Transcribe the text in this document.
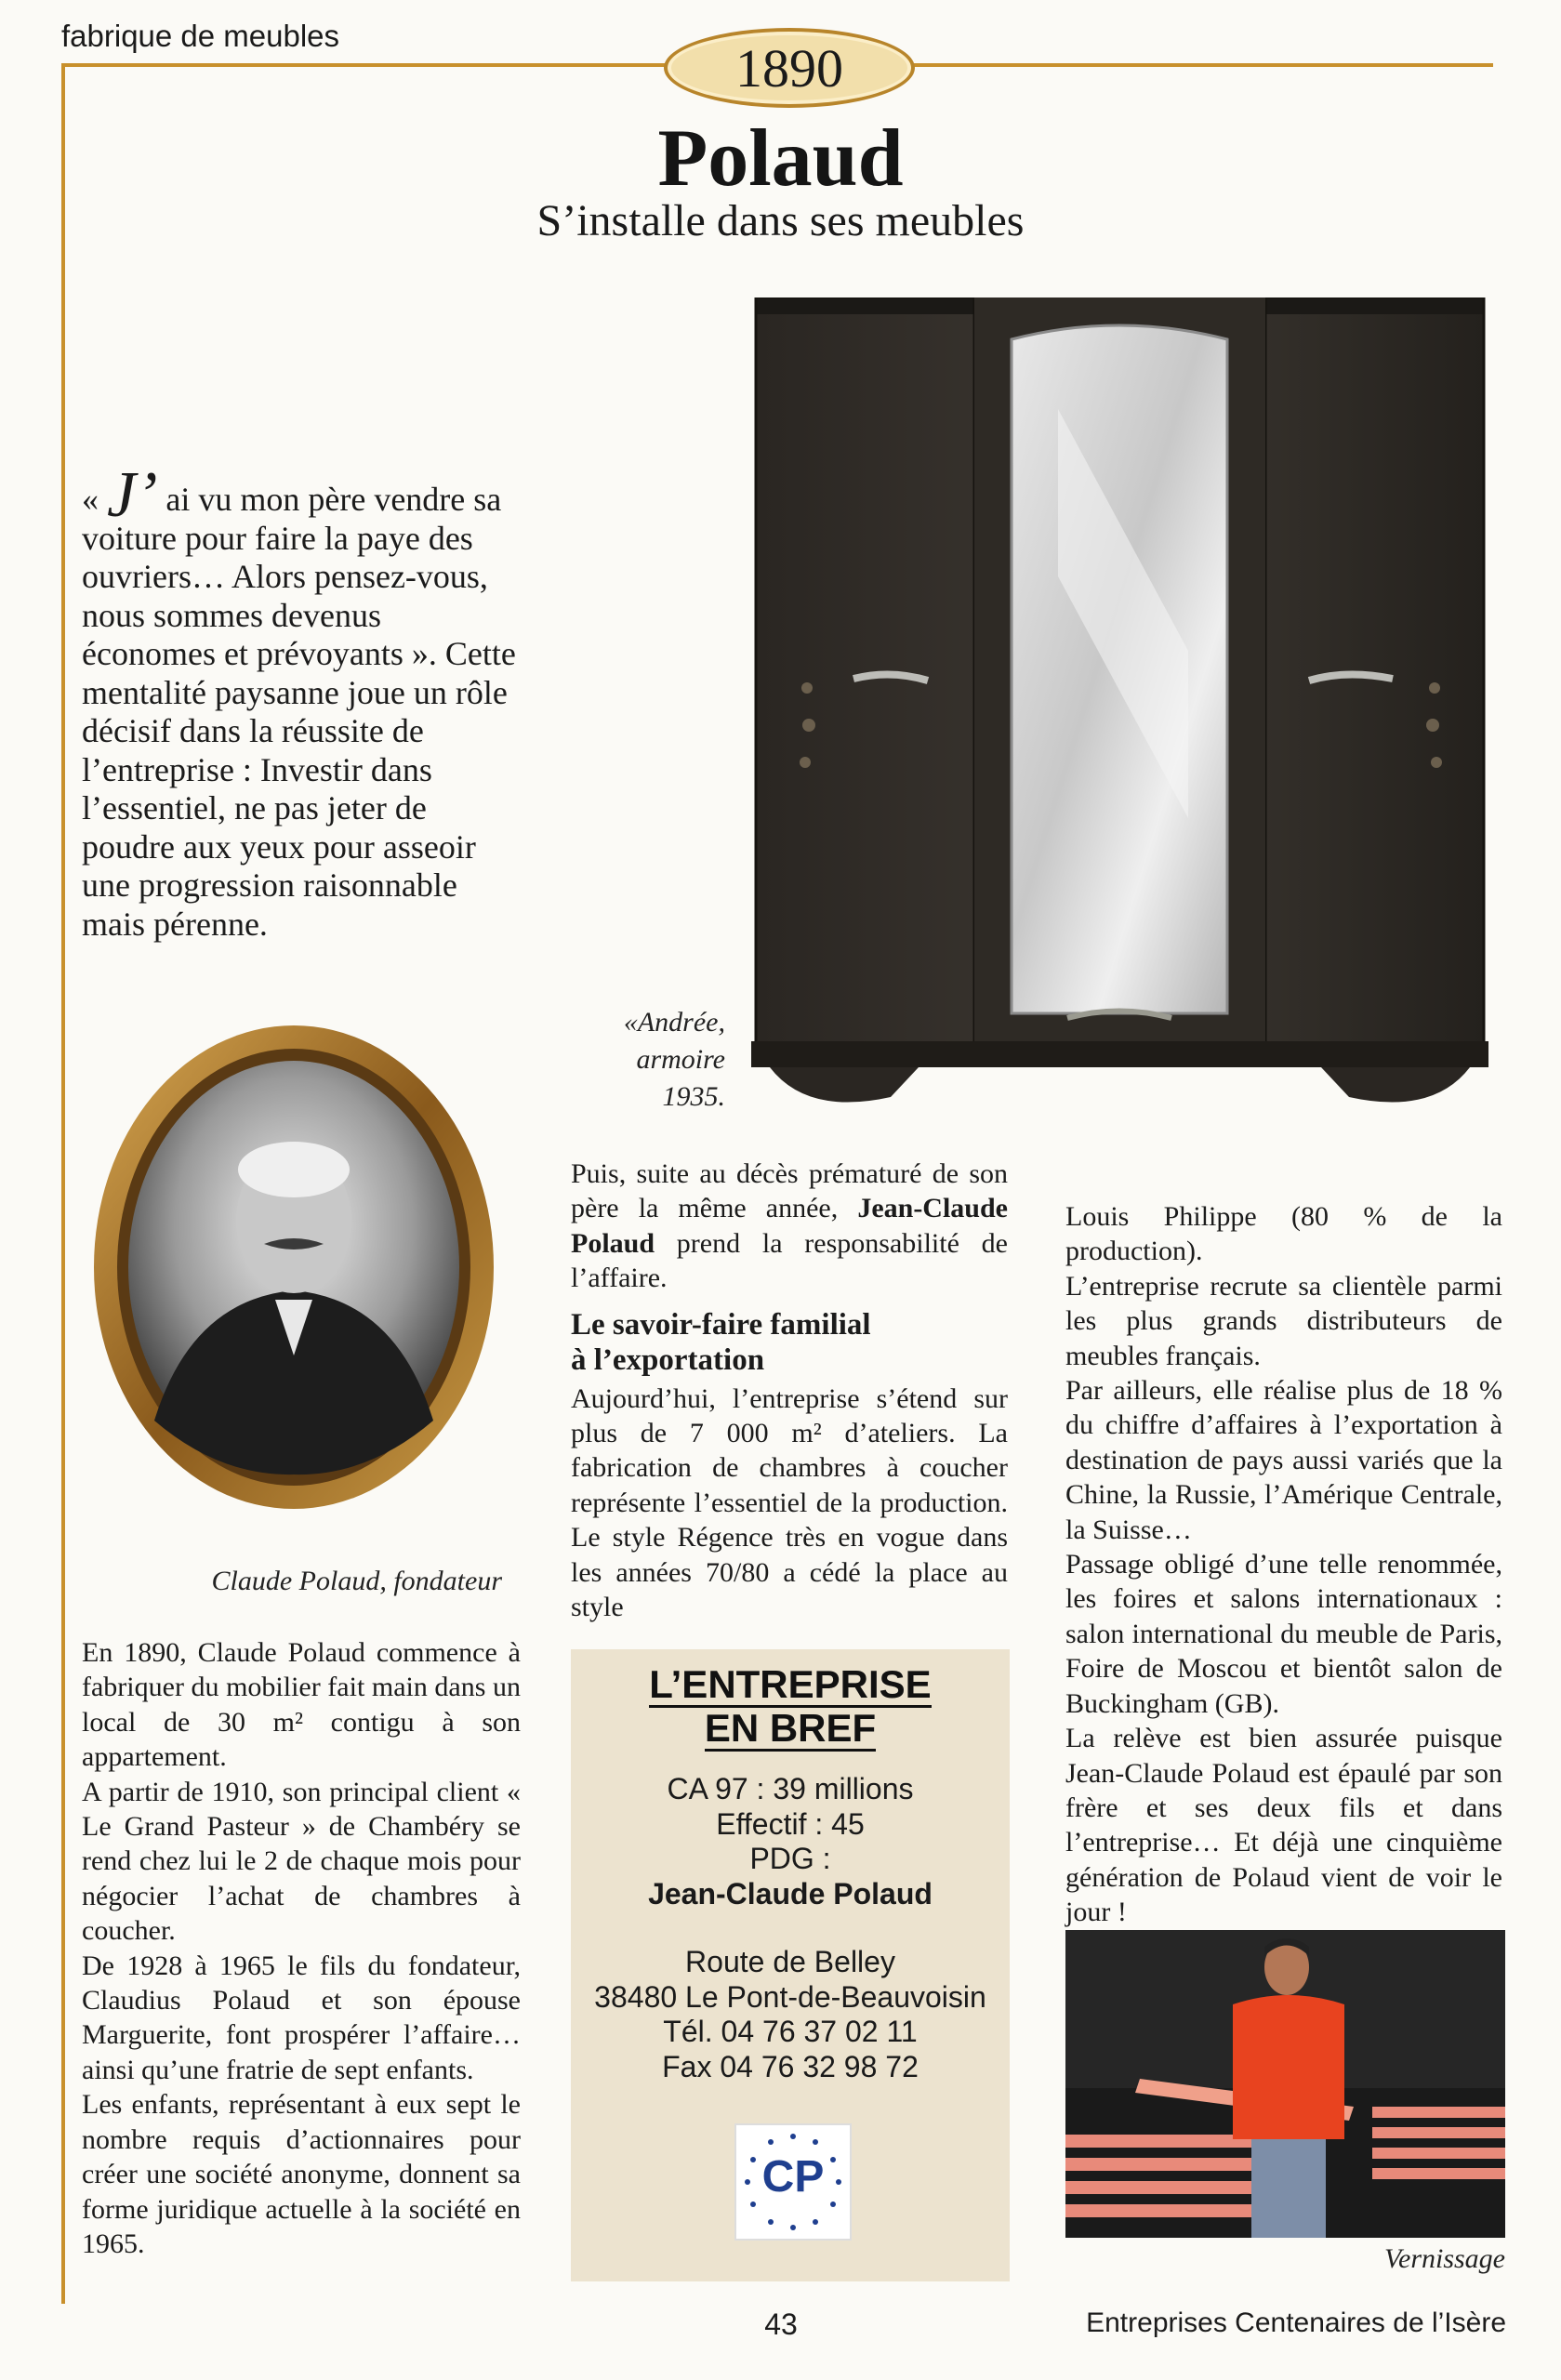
fabrique de meubles
1890
Polaud
S’installe dans ses meubles
« J’ ai vu mon père vendre sa voiture pour faire la paye des ouvriers… Alors pensez-vous, nous sommes devenus économes et prévoyants ». Cette mentalité paysanne joue un rôle décisif dans la réussite de l’entreprise : Investir dans l’essentiel, ne pas jeter de poudre aux yeux pour asseoir une progression raisonnable mais pérenne.
«Andrée,
armoire
1935.
Claude Polaud, fondateur

En 1890, Claude Polaud commence à fabriquer du mobilier fait main dans un local de 30 m² contigu à son appartement.

A partir de 1910, son principal client « Le Grand Pasteur » de Chambéry se rend chez lui le 2 de chaque mois pour négocier l’achat de chambres à coucher.

De 1928 à 1965 le fils du fondateur, Claudius Polaud et son épouse Marguerite, font prospérer l’affaire… ainsi qu’une fratrie de sept enfants.

Les enfants, représentant à eux sept le nombre requis d’actionnaires pour créer une société anonyme, donnent sa forme juridique actuelle à la société en 1965.

Puis, suite au décès prématuré de son père la même année, Jean-Claude Polaud prend la responsabilité de l’affaire.

Le savoir-faire familial
à l’exportation

Aujourd’hui, l’entreprise s’étend sur plus de 7 000 m² d’ateliers. La fabrication de chambres à coucher représente l’essentiel de la production. Le style Régence très en vogue dans les années 70/80 a cédé la place au style

L’ENTREPRISE
EN BREF
CA 97 : 39 millions
Effectif : 45
PDG :
Jean-Claude Polaud
Route de Belley
38480 Le Pont-de-Beauvoisin
Tél. 04 76 37 02 11
Fax 04 76 32 98 72
CP

Louis Philippe (80 % de la production).

L’entreprise recrute sa clientèle parmi les plus grands distributeurs de meubles français.

Par ailleurs, elle réalise plus de 18 % du chiffre d’affaires à l’exportation à destination de pays aussi variés que la Chine, la Russie, l’Amérique Centrale, la Suisse…

Passage obligé d’une telle renommée, les foires et salons internationaux : salon international du meuble de Paris, Foire de Moscou et bientôt salon de Buckingham (GB).

La relève est bien assurée puisque Jean-Claude Polaud est épaulé par son frère et ses deux fils et dans l’entreprise… Et déjà une cinquième génération de Polaud vient de voir le jour !

Vernissage
43	Entreprises Centenaires de l’Isère
